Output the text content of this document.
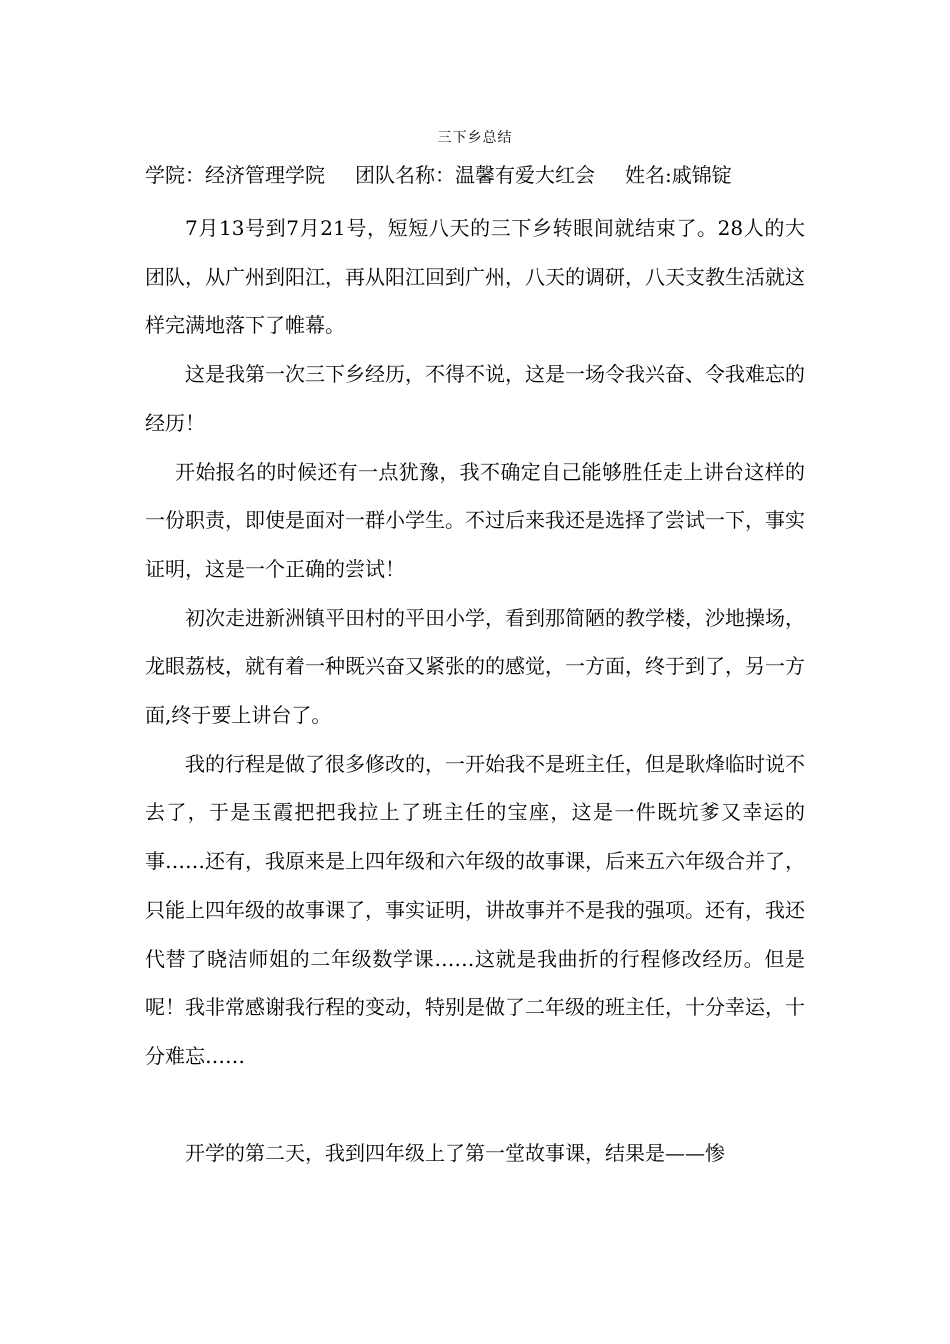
三下乡总结
学院：经济管理学院 团队名称：温馨有爱大红会 姓名:戚锦锭

7月13号到7月21号，短短八天的三下乡转眼间就结束了。28人的大团队，从广州到阳江，再从阳江回到广州，八天的调研，八天支教生活就这样完满地落下了帷幕。

这是我第一次三下乡经历，不得不说，这是一场令我兴奋、令我难忘的经历！

开始报名的时候还有一点犹豫，我不确定自己能够胜任走上讲台这样的一份职责，即使是面对一群小学生。不过后来我还是选择了尝试一下，事实证明，这是一个正确的尝试！

初次走进新洲镇平田村的平田小学，看到那简陋的教学楼，沙地操场，龙眼荔枝，就有着一种既兴奋又紧张的的感觉，一方面，终于到了，另一方面,终于要上讲台了。

我的行程是做了很多修改的，一开始我不是班主任，但是耿烽临时说不去了，于是玉霞把把我拉上了班主任的宝座，这是一件既坑爹又幸运的事……还有，我原来是上四年级和六年级的故事课，后来五六年级合并了，只能上四年级的故事课了，事实证明，讲故事并不是我的强项。还有，我还代替了晓洁师姐的二年级数学课……这就是我曲折的行程修改经历。但是呢！我非常感谢我行程的变动，特别是做了二年级的班主任，十分幸运，十分难忘……

开学的第二天，我到四年级上了第一堂故事课，结果是——惨
